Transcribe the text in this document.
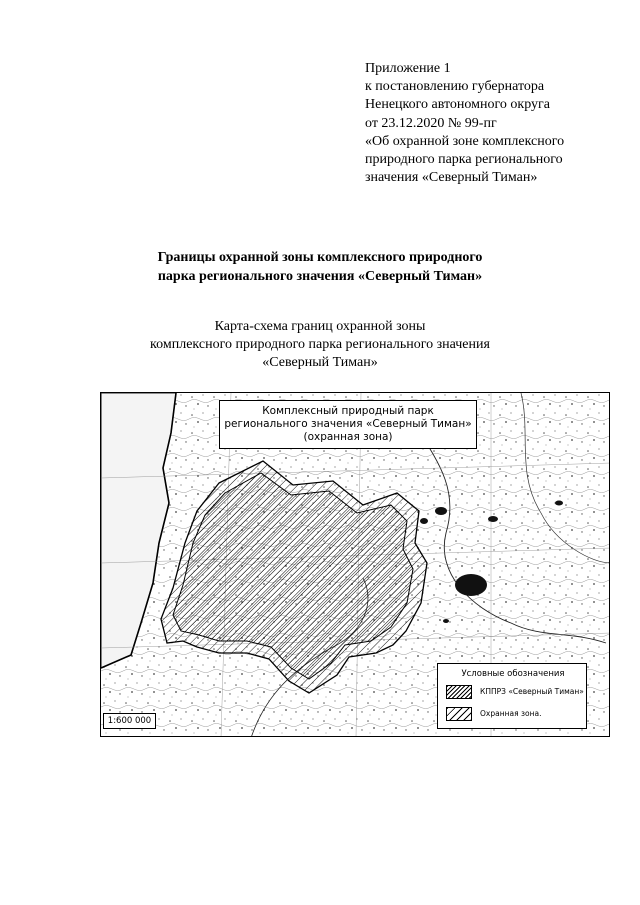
Приложение 1
к постановлению губернатора
Ненецкого автономного округа
от 23.12.2020 № 99-пг
«Об охранной зоне комплексного
природного парка регионального
значения «Северный Тиман»
Границы охранной зоны комплексного природного
парка регионального значения «Северный Тиман»
Карта-схема границ охранной зоны
комплексного природного парка регионального значения
«Северный Тиман»
Комплексный природный парк
регионального значения «Северный Тиман»
(охранная зона)
1:600 000
Условные обозначения
КППРЗ «Северный Тиман»
Охранная зона.
